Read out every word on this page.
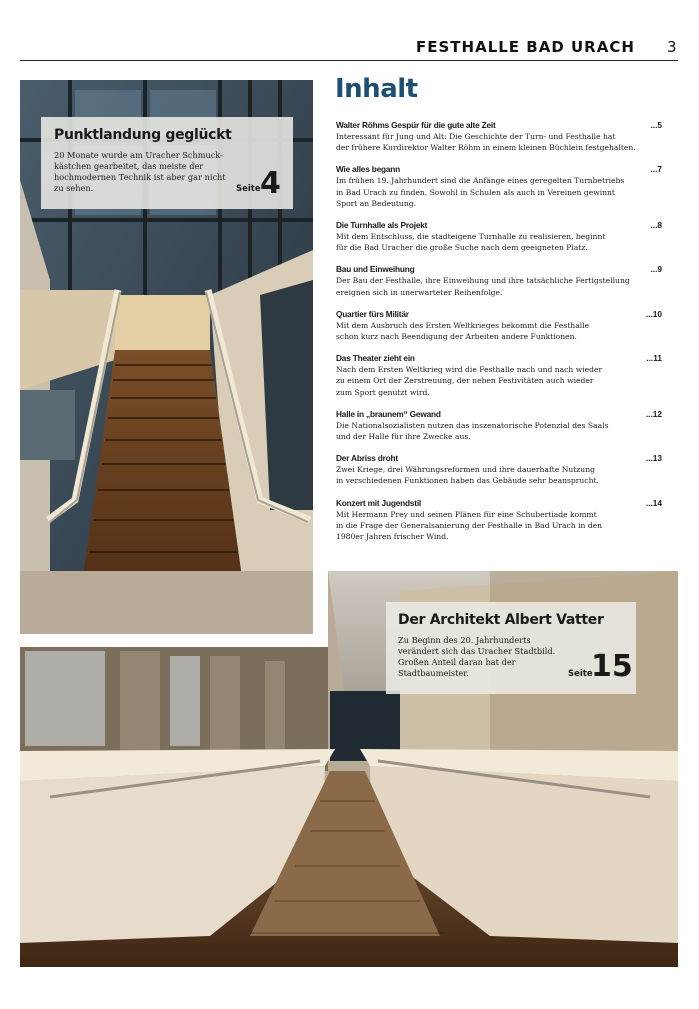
FESTHALLE BAD URACH 3
Punktlandung geglückt
20 Monate wurde am Uracher Schmuck-kästchen gearbeitet, das meiste der hochmodernen Technik ist aber gar nicht zu sehen.	Seite 4
Der Architekt Albert Vatter
Zu Beginn des 20. Jahrhunderts verändert sich das Uracher Stadtbild. Großen Anteil daran hat der Stadtbaumeister.	Seite
15
Inhalt
Walter Röhms Gespür für die gute alte Zeit	...5
Interessant für Jung und Alt: Die Geschichte der Turn- und Festhalle hat
der frühere Kurdirektor Walter Röhm in einem kleinen Büchlein festgehalten.
Wie alles begann	...7
Im frühen 19. Jahrhundert sind die Anfänge eines geregelten Turnbetriebs
in Bad Urach zu finden. Sowohl in Schulen als auch in Vereinen gewinnt
Sport an Bedeutung.
Die Turnhalle als Projekt	...8
Mit dem Entschluss, die stadteigene Turnhalle zu realisieren, beginnt
für die Bad Uracher die große Suche nach dem geeigneten Platz.
Bau und Einweihung	...9
Der Bau der Festhalle, ihre Einweihung und ihre tatsächliche Fertigstellung
ereignen sich in unerwarteter Reihenfolge.
Quartier fürs Militär	...10
Mit dem Ausbruch des Ersten Weltkrieges bekommt die Festhalle
schon kurz nach Beendigung der Arbeiten andere Funktionen.
Das Theater zieht ein	...11
Nach dem Ersten Weltkrieg wird die Festhalle nach und nach wieder
zu einem Ort der Zerstreuung, der neben Festivitäten auch wieder
zum Sport genutzt wird.
Halle in „braunem“ Gewand	...12
Die Nationalsozialisten nutzen das inszenatorische Potenzial des Saals
und der Halle für ihre Zwecke aus.
Der Abriss droht	...13
Zwei Kriege, drei Währungsreformen und ihre dauerhafte Nutzung
in verschiedenen Funktionen haben das Gebäude sehr beansprucht.
Konzert mit Jugendstil	...14
Mit Hermann Prey und seinen Plänen für eine Schubertiade kommt
in die Frage der Generalsanierung der Festhalle in Bad Urach in den
1980er Jahren frischer Wind.
